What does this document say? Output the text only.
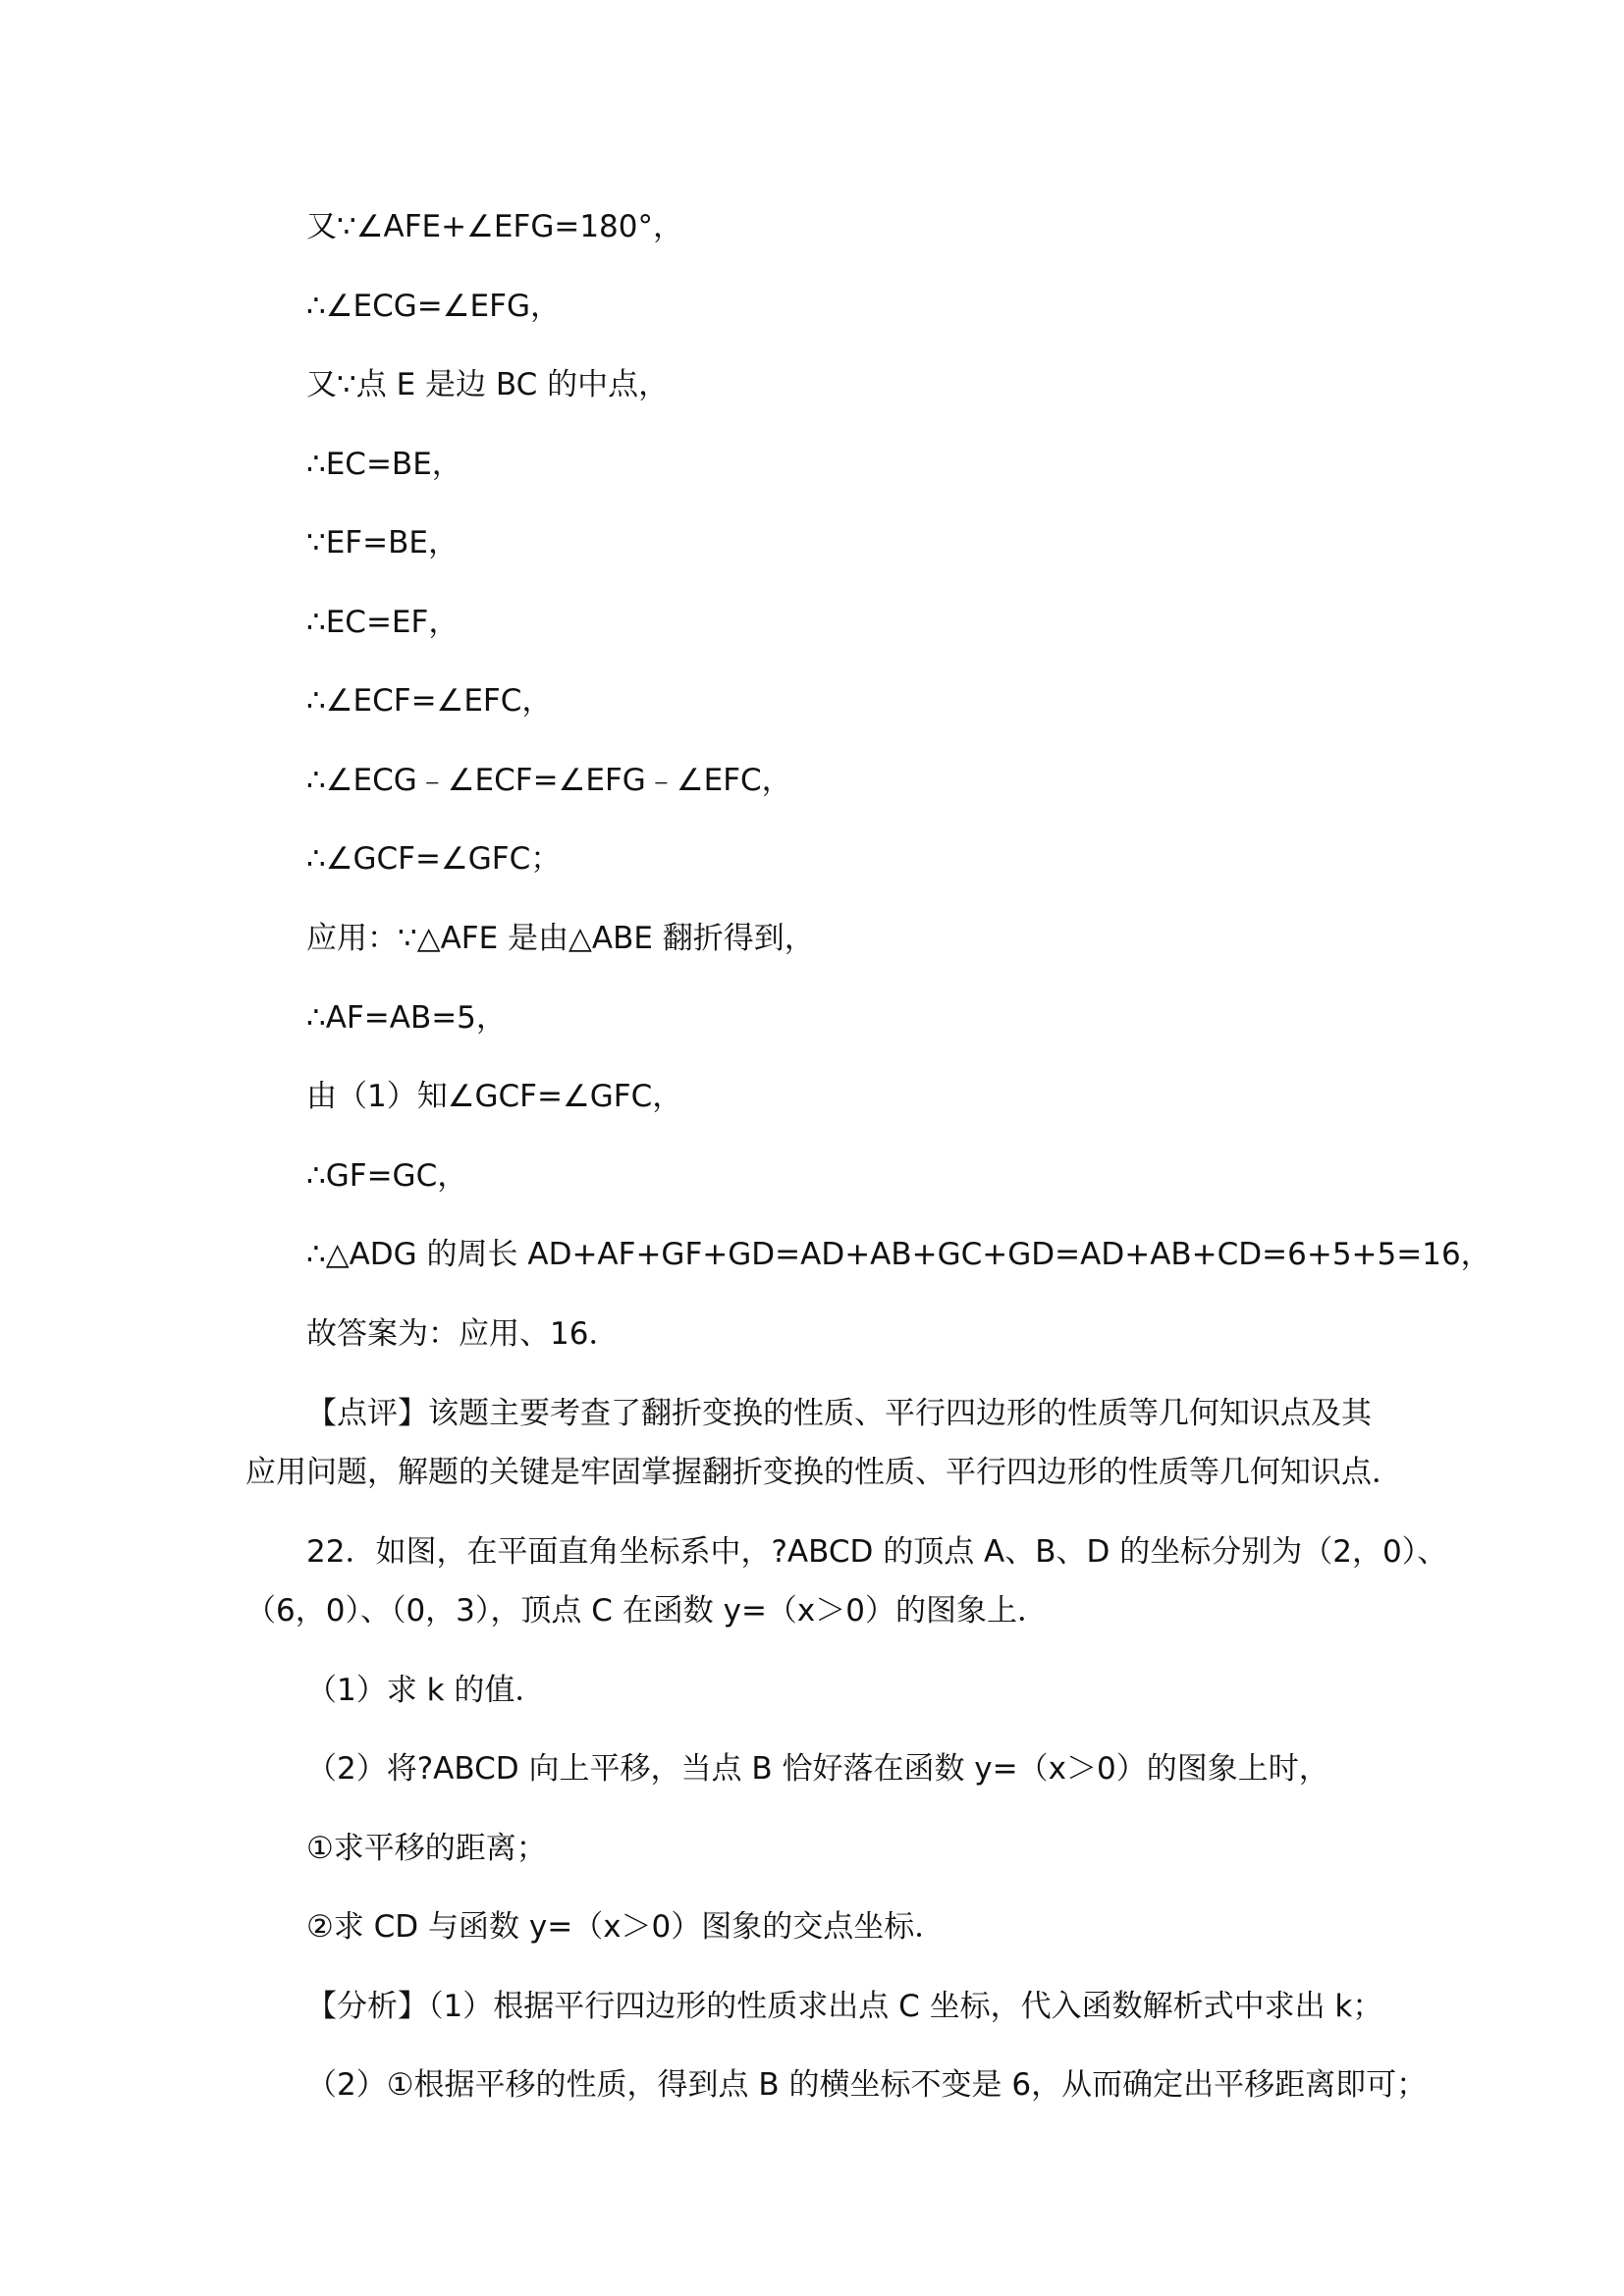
又∵∠AFE+∠EFG=180°，
∴∠ECG=∠EFG，
又∵点 E 是边 BC 的中点，
∴EC=BE，
∵EF=BE，
∴EC=EF，
∴∠ECF=∠EFC，
∴∠ECG﹣∠ECF=∠EFG﹣∠EFC，
∴∠GCF=∠GFC；
应用：∵△AFE 是由△ABE 翻折得到，
∴AF=AB=5，
由（1）知∠GCF=∠GFC，
∴GF=GC，
∴△ADG 的周长 AD+AF+GF+GD=AD+AB+GC+GD=AD+AB+CD=6+5+5=16，
故答案为：应用、16．
【点评】该题主要考查了翻折变换的性质、平行四边形的性质等几何知识点及其
应用问题，解题的关键是牢固掌握翻折变换的性质、平行四边形的性质等几何知识点．
22．如图，在平面直角坐标系中，?ABCD 的顶点 A、B、D 的坐标分别为（2，0）、
（6，0）、（0，3），顶点 C 在函数 y=（x＞0）的图象上．
（1）求 k 的值．
（2）将?ABCD 向上平移，当点 B 恰好落在函数 y=（x＞0）的图象上时，
①求平移的距离；
②求 CD 与函数 y=（x＞0）图象的交点坐标．
【分析】（1）根据平行四边形的性质求出点 C 坐标，代入函数解析式中求出 k；
（2）①根据平移的性质，得到点 B 的横坐标不变是 6，从而确定出平移距离即可；
